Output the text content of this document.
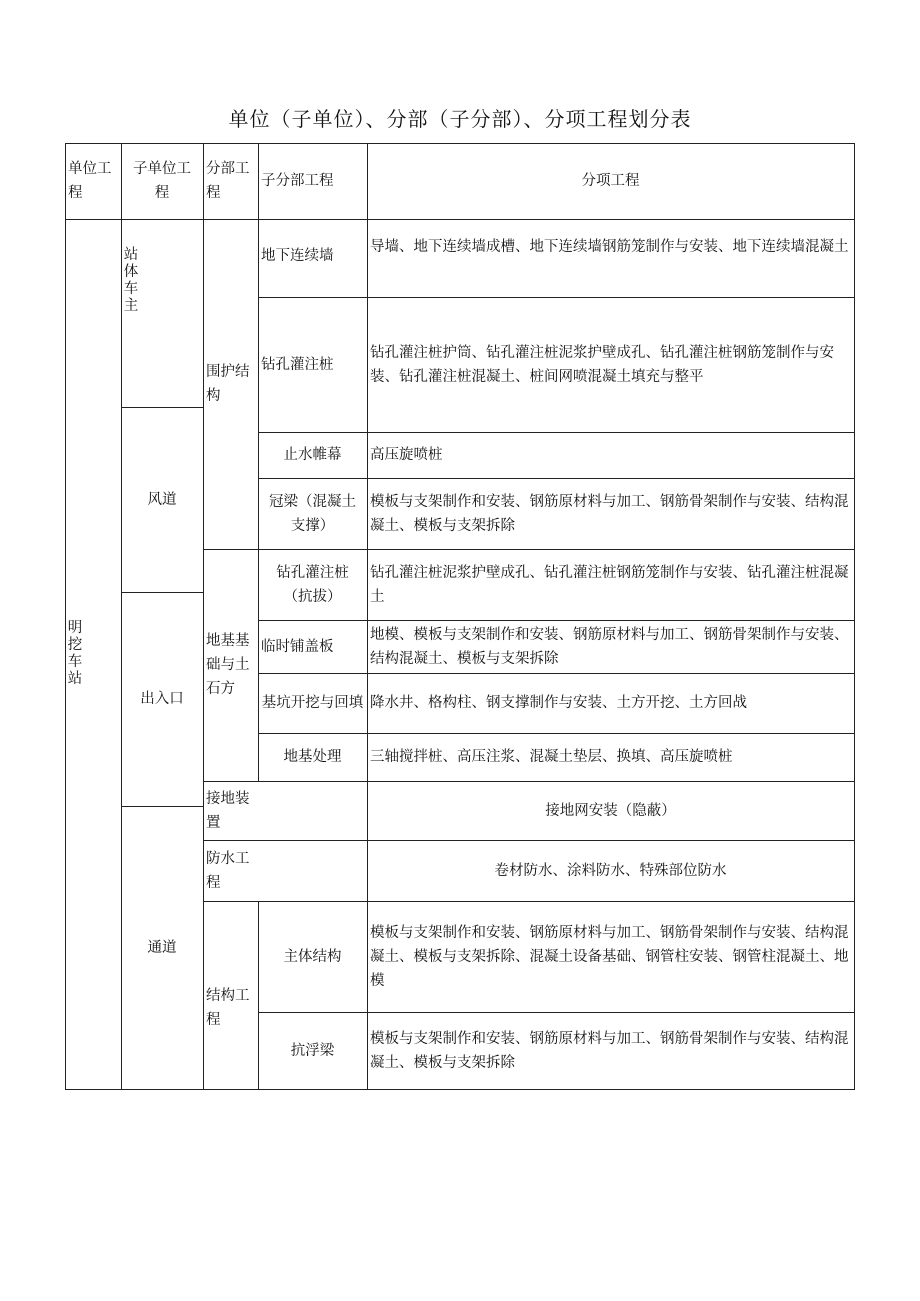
单位（子单位）、分部（子分部）、分项工程划分表
单位工程
子单位工程
分部工程
子分部工程	分项工程
明挖车站
站体车主
风道
出入口
通道
围护结构
地基基础与土石方
接地装置
防水工程
结构工程
地下连续墙
钻孔灌注桩
止水帷幕
冠梁（混凝土支撑）
钻孔灌注桩（抗拔）
临时铺盖板
基坑开挖与回填
地基处理
主体结构
抗浮梁
导墙、地下连续墙成槽、地下连续墙钢筋笼制作与安装、地下连续墙混凝土
钻孔灌注桩护筒、钻孔灌注桩泥浆护壁成孔、钻孔灌注桩钢筋笼制作与安装、钻孔灌注桩混凝土、桩间网喷混凝土填充与整平
高压旋喷桩
模板与支架制作和安装、钢筋原材料与加工、钢筋骨架制作与安装、结构混凝土、模板与支架拆除
钻孔灌注桩泥浆护壁成孔、钻孔灌注桩钢筋笼制作与安装、钻孔灌注桩混凝土
地模、模板与支架制作和安装、钢筋原材料与加工、钢筋骨架制作与安装、结构混凝土、模板与支架拆除
降水井、格构柱、钢支撑制作与安装、土方开挖、土方回战
三轴搅拌桩、高压注浆、混凝土垫层、换填、高压旋喷桩
接地网安装（隐蔽）
卷材防水、涂料防水、特殊部位防水
模板与支架制作和安装、钢筋原材料与加工、钢筋骨架制作与安装、结构混凝土、模板与支架拆除、混凝土设备基础、钢管柱安装、钢管柱混凝土、地模
模板与支架制作和安装、钢筋原材料与加工、钢筋骨架制作与安装、结构混凝土、模板与支架拆除
